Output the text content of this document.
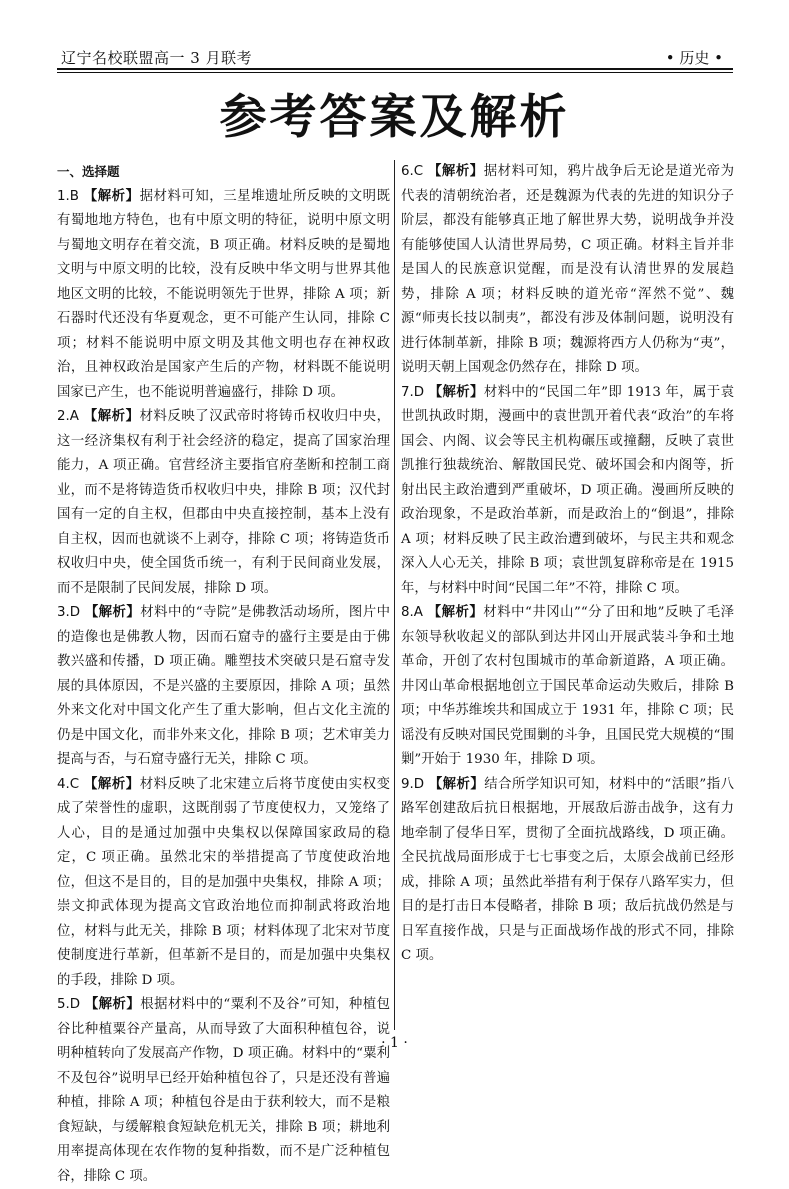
辽宁名校联盟高一 3 月联考	• 历史 •
参考答案及解析
一、选择题

1.B 【解析】据材料可知，三星堆遗址所反映的文明既有蜀地地方特色，也有中原文明的特征，说明中原文明与蜀地文明存在着交流，B 项正确。材料反映的是蜀地文明与中原文明的比较，没有反映中华文明与世界其他地区文明的比较，不能说明领先于世界，排除 A 项；新石器时代还没有华夏观念，更不可能产生认同，排除 C 项；材料不能说明中原文明及其他文明也存在神权政治，且神权政治是国家产生后的产物，材料既不能说明国家已产生，也不能说明普遍盛行，排除 D 项。

2.A 【解析】材料反映了汉武帝时将铸币权收归中央，这一经济集权有利于社会经济的稳定，提高了国家治理能力，A 项正确。官营经济主要指官府垄断和控制工商业，而不是将铸造货币权收归中央，排除 B 项；汉代封国有一定的自主权，但郡由中央直接控制，基本上没有自主权，因而也就谈不上剥夺，排除 C 项；将铸造货币权收归中央，使全国货币统一，有利于民间商业发展，而不是限制了民间发展，排除 D 项。

3.D 【解析】材料中的“寺院”是佛教活动场所，图片中的造像也是佛教人物，因而石窟寺的盛行主要是由于佛教兴盛和传播，D 项正确。雕塑技术突破只是石窟寺发展的具体原因，不是兴盛的主要原因，排除 A 项；虽然外来文化对中国文化产生了重大影响，但占文化主流的仍是中国文化，而非外来文化，排除 B 项；艺术审美力提高与否，与石窟寺盛行无关，排除 C 项。

4.C 【解析】材料反映了北宋建立后将节度使由实权变成了荣誉性的虚职，这既削弱了节度使权力，又笼络了人心，目的是通过加强中央集权以保障国家政局的稳定，C 项正确。虽然北宋的举措提高了节度使政治地位，但这不是目的，目的是加强中央集权，排除 A 项；崇文抑武体现为提高文官政治地位而抑制武将政治地位，材料与此无关，排除 B 项；材料体现了北宋对节度使制度进行革新，但革新不是目的，而是加强中央集权的手段，排除 D 项。

5.D 【解析】根据材料中的“粟利不及谷”可知，种植包谷比种植粟谷产量高，从而导致了大面积种植包谷，说明种植转向了发展高产作物，D 项正确。材料中的“粟利不及包谷”说明早已经开始种植包谷了，只是还没有普遍种植，排除 A 项；种植包谷是由于获利较大，而不是粮食短缺，与缓解粮食短缺危机无关，排除 B 项；耕地利用率提高体现在农作物的复种指数，而不是广泛种植包谷，排除 C 项。

6.C 【解析】据材料可知，鸦片战争后无论是道光帝为代表的清朝统治者，还是魏源为代表的先进的知识分子阶层，都没有能够真正地了解世界大势，说明战争并没有能够使国人认清世界局势，C 项正确。材料主旨并非是国人的民族意识觉醒，而是没有认清世界的发展趋势，排除 A 项；材料反映的道光帝“浑然不觉”、魏源“师夷长技以制夷”，都没有涉及体制问题，说明没有进行体制革新，排除 B 项；魏源将西方人仍称为“夷”，说明天朝上国观念仍然存在，排除 D 项。

7.D 【解析】材料中的“民国二年”即 1913 年，属于袁世凯执政时期，漫画中的袁世凯开着代表“政治”的车将国会、内阁、议会等民主机构碾压或撞翻，反映了袁世凯推行独裁统治、解散国民党、破坏国会和内阁等，折射出民主政治遭到严重破坏，D 项正确。漫画所反映的政治现象，不是政治革新，而是政治上的“倒退”，排除 A 项；材料反映了民主政治遭到破坏，与民主共和观念深入人心无关，排除 B 项；袁世凯复辟称帝是在 1915 年，与材料中时间“民国二年”不符，排除 C 项。

8.A 【解析】材料中“井冈山”“分了田和地”反映了毛泽东领导秋收起义的部队到达井冈山开展武装斗争和土地革命，开创了农村包围城市的革命新道路，A 项正确。井冈山革命根据地创立于国民革命运动失败后，排除 B 项；中华苏维埃共和国成立于 1931 年，排除 C 项；民谣没有反映对国民党围剿的斗争，且国民党大规模的“围剿”开始于 1930 年，排除 D 项。

9.D 【解析】结合所学知识可知，材料中的“活眼”指八路军创建敌后抗日根据地，开展敌后游击战争，这有力地牵制了侵华日军，贯彻了全面抗战路线，D 项正确。全民抗战局面形成于七七事变之后，太原会战前已经形成，排除 A 项；虽然此举措有利于保存八路军实力，但目的是打击日本侵略者，排除 B 项；敌后抗战仍然是与日军直接作战，只是与正面战场作战的形式不同，排除 C 项。

· 1 ·
